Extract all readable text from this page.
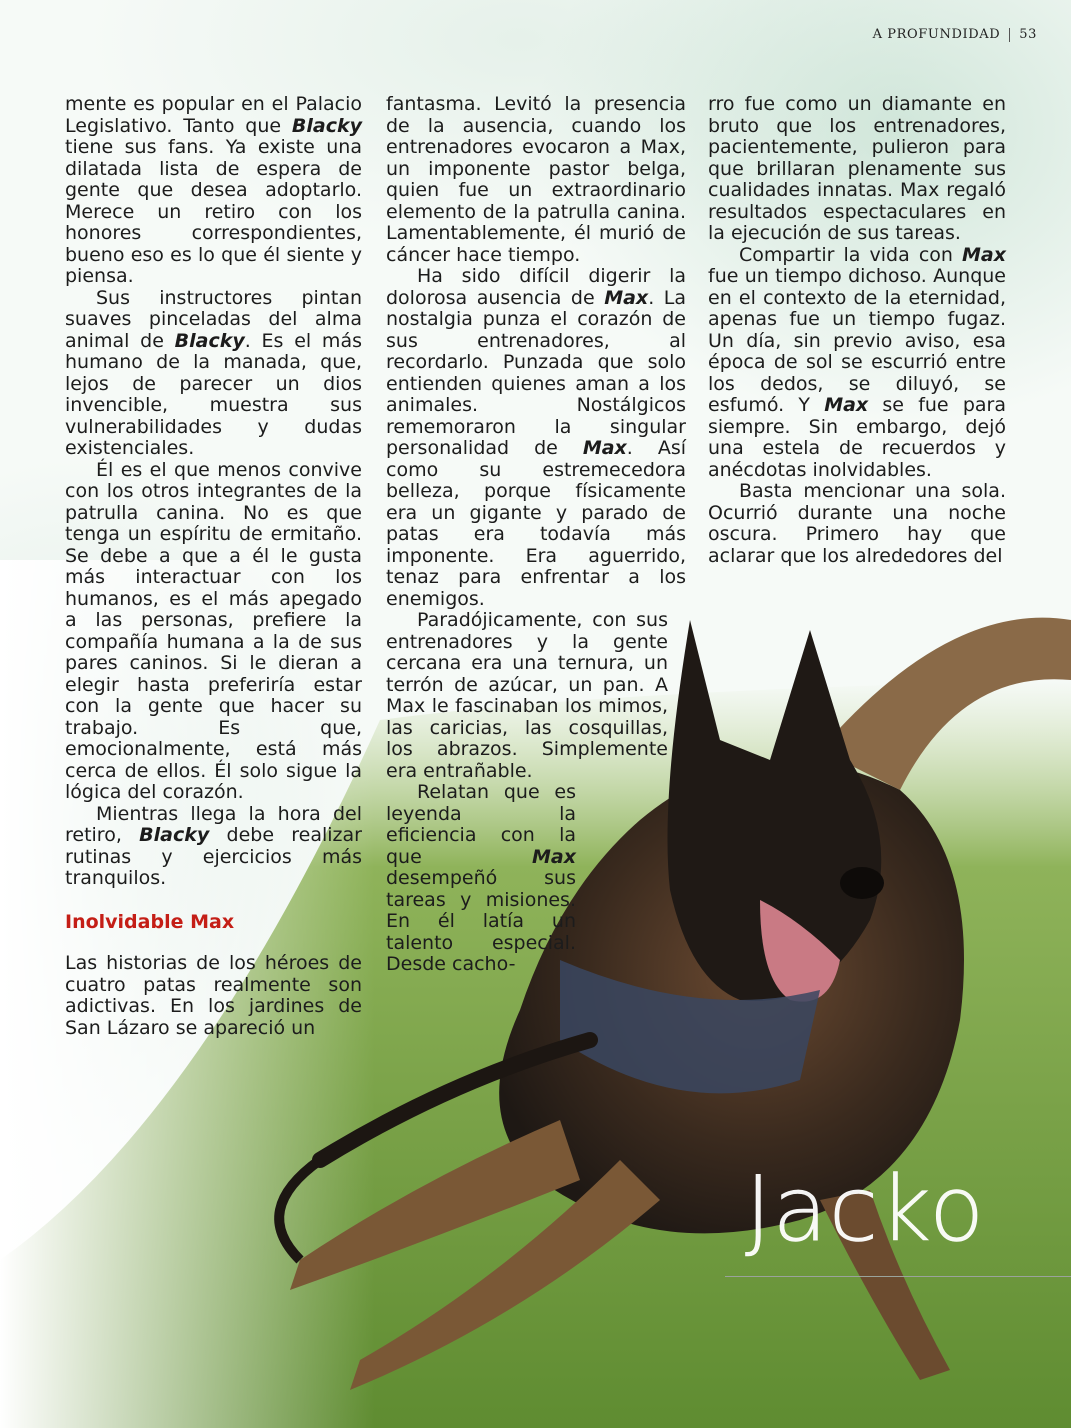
A PROFUNDIDAD 53

mente es popular en el Palacio Legislativo. Tanto que Blacky tiene sus fans. Ya existe una dilatada lista de espera de gente que desea adoptarlo. Merece un retiro con los honores correspondientes, bueno eso es lo que él siente y piensa.

Sus instructores pintan suaves pinceladas del alma animal de Blacky. Es el más humano de la manada, que, lejos de parecer un dios invencible, muestra sus vulnerabilidades y dudas existenciales.

Él es el que menos convive con los otros integrantes de la patrulla canina. No es que tenga un espíritu de ermitaño. Se debe a que a él le gusta más interactuar con los humanos, es el más apegado a las personas, prefiere la compañía humana a la de sus pares caninos. Si le dieran a elegir hasta preferiría estar con la gente que hacer su trabajo. Es que, emocionalmente, está más cerca de ellos. Él solo sigue la lógica del corazón.

Mientras llega la hora del retiro, Blacky debe realizar rutinas y ejercicios más tranquilos.

Inolvidable Max

Las historias de los héroes de cuatro patas realmente son adictivas. En los jardines de San Lázaro se apareció un

fantasma. Levitó la presencia de la ausencia, cuando los entrenadores evocaron a Max, un imponente pastor belga, quien fue un extraordinario elemento de la patrulla canina. Lamentablemente, él murió de cáncer hace tiempo.

Ha sido difícil digerir la dolorosa ausencia de Max. La nostalgia punza el corazón de sus entrenadores, al recordarlo. Punzada que solo entienden quienes aman a los animales. Nostálgicos rememoraron la singular personalidad de Max. Así como su estremecedora belleza, porque físicamente era un gigante y parado de patas era todavía más imponente. Era aguerrido, tenaz para enfrentar a los enemigos.

Paradójicamente, con sus entrenadores y la gente cercana era una ternura, un terrón de azúcar, un pan. A Max le fascinaban los mimos, las caricias, las cosquillas, los abrazos. Simplemente era entrañable.

Relatan que es leyenda la eficiencia con la que Max desempeñó sus tareas y misiones. En él latía un talento especial. Desde cacho-

rro fue como un diamante en bruto que los entrenadores, pacientemente, pulieron para que brillaran plenamente sus cualidades innatas. Max regaló resultados espectaculares en la ejecución de sus tareas.

Compartir la vida con Max fue un tiempo dichoso. Aunque en el contexto de la eternidad, apenas fue un tiempo fugaz. Un día, sin previo aviso, esa época de sol se escurrió entre los dedos, se diluyó, se esfumó. Y Max se fue para siempre. Sin embargo, dejó una estela de recuerdos y anécdotas inolvidables.

Basta mencionar una sola. Ocurrió durante una noche oscura. Primero hay que aclarar que los alrededores del

Jacko
